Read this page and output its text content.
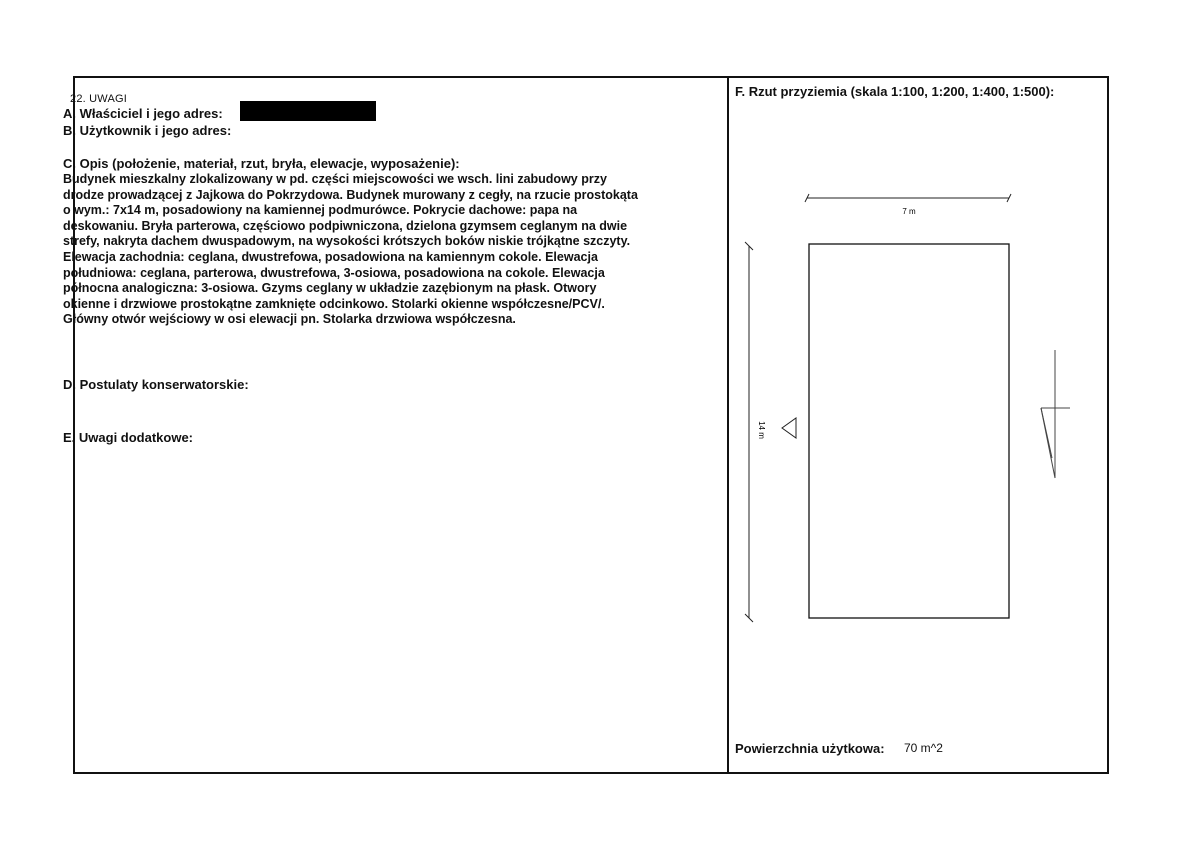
22. UWAGI
A. Właściciel i jego adres:
B. Użytkownik i jego adres:
C. Opis (położenie, materiał, rzut, bryła, elewacje, wyposażenie):
Budynek mieszkalny zlokalizowany w pd. części miejscowości we wsch. lini zabudowy przy
drodze prowadzącej z Jajkowa do Pokrzydowa. Budynek murowany z cegły, na rzucie prostokąta
o wym.: 7x14 m, posadowiony na kamiennej podmurówce. Pokrycie dachowe: papa na
deskowaniu. Bryła parterowa, częściowo podpiwniczona, dzielona gzymsem ceglanym na dwie
strefy, nakryta dachem dwuspadowym, na wysokości krótszych boków niskie trójkątne szczyty.
Elewacja zachodnia: ceglana, dwustrefowa, posadowiona na kamiennym cokole. Elewacja
południowa: ceglana, parterowa, dwustrefowa, 3-osiowa, posadowiona na cokole. Elewacja
północna analogiczna: 3-osiowa. Gzyms ceglany w układzie zazębionym na płask. Otwory
okienne i drzwiowe prostokątne zamknięte odcinkowo. Stolarki okienne współczesne/PCV/.
Główny otwór wejściowy w osi elewacji pn. Stolarka drzwiowa współczesna.
D. Postulaty konserwatorskie:
E. Uwagi dodatkowe:
F. Rzut przyziemia (skala 1:100, 1:200, 1:400, 1:500):
7 m
14 m
Powierzchnia użytkowa: 70 m^2
